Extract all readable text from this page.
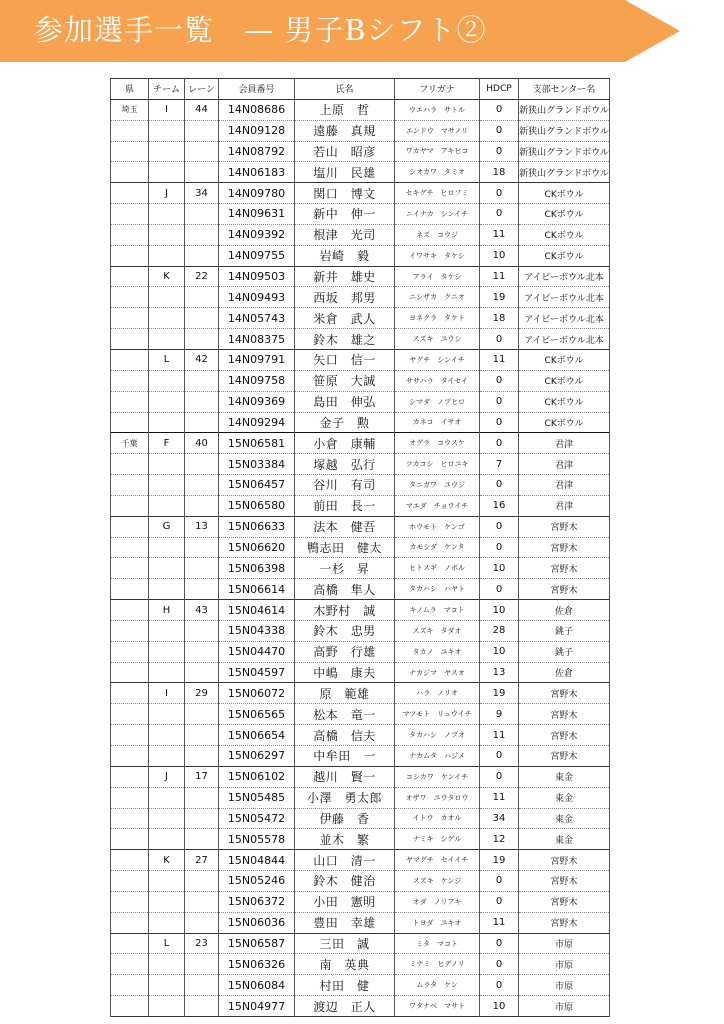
参加選手一覧　— 男子Bシフト②
県	チーム	レーン	会員番号	氏名	フリガナ	HDCP	支部センター名
埼玉	I	44	14N08686	上原　哲	ウエハラ　サトル	0	新狭山グランドボウル
			14N09128	遠藤　真規	エンドウ　マサノリ	0	新狭山グランドボウル
			14N08792	若山　昭彦	ワカヤマ　アキヒコ	0	新狭山グランドボウル
			14N06183	塩川　民雄	シオカワ　タミオ	18	新狭山グランドボウル
	J	34	14N09780	関口　博文	セキグチ　ヒロフミ	0	CKボウル
			14N09631	新中　伸一	ニイナカ　シンイチ	0	CKボウル
			14N09392	根津　光司	ネズ　コウジ	11	CKボウル
			14N09755	岩崎　毅	イワサキ　タケシ	10	CKボウル
	K	22	14N09503	新井　雄史	アライ　タケシ	11	アイビーボウル北本
			14N09493	西坂　邦男	ニシザカ　クニオ	19	アイビーボウル北本
			14N05743	米倉　武人	ヨネクラ　タケト	18	アイビーボウル北本
			14N08375	鈴木　雄之	スズキ　ユウシ	0	アイビーボウル北本
	L	42	14N09791	矢口　信一	ヤグチ　シンイチ	11	CKボウル
			14N09758	笹原　大誠	ササハラ　タイセイ	0	CKボウル
			14N09369	島田　伸弘	シマダ　ノブヒロ	0	CKボウル
			14N09294	金子　勲	カネコ　イサオ	0	CKボウル
千葉	F	40	15N06581	小倉　康輔	オグラ　コウスケ	0	君津
			15N03384	塚越　弘行	ツカコシ　ヒロユキ	7	君津
			15N06457	谷川　有司	タニガワ　ユウジ	0	君津
			15N06580	前田　長一	マエダ　チョウイチ	16	君津
	G	13	15N06633	法本　健吾	ホウモト　ケンゴ	0	宮野木
			15N06620	鴨志田　健太	カモシダ　ケンタ	0	宮野木
			15N06398	一杉　昇	ヒトスギ　ノボル	10	宮野木
			15N06614	高橋　隼人	タカハシ　ハヤト	0	宮野木
	H	43	15N04614	木野村　誠	キノムラ　マコト	10	佐倉
			15N04338	鈴木　忠男	スズキ　タダオ	28	銚子
			15N04470	高野　行雄	タカノ　ユキオ	10	銚子
			15N04597	中嶋　康夫	ナカジマ　ヤスオ	13	佐倉
	I	29	15N06072	原　範雄	ハラ　ノリオ	19	宮野木
			15N06565	松本　竜一	マツモト　リュウイチ	9	宮野木
			15N06654	高橋　信夫	タカハシ　ノブオ	11	宮野木
			15N06297	中牟田　一	ナカムタ　ハジメ	0	宮野木
	J	17	15N06102	越川　賢一	コシカワ　ケンイチ	0	東金
			15N05485	小澤　勇太郎	オザワ　ユウタロウ	11	東金
			15N05472	伊藤　香	イトウ　カオル	34	東金
			15N05578	並木　繁	ナミキ　シゲル	12	東金
	K	27	15N04844	山口　清一	ヤマグチ　セイイチ	19	宮野木
			15N05246	鈴木　健治	スズキ　ケンジ	0	宮野木
			15N06372	小田　憲明	オダ　ノリアキ	0	宮野木
			15N06036	豊田　幸雄	トヨダ　ユキオ	11	宮野木
	L	23	15N06587	三田　誠	ミタ　マコト	0	市原
			15N06326	南　英典	ミナミ　ヒデノリ	0	市原
			15N06084	村田　健	ムラタ　ケン	0	市原
			15N04977	渡辺　正人	ワタナベ　マサト	10	市原
